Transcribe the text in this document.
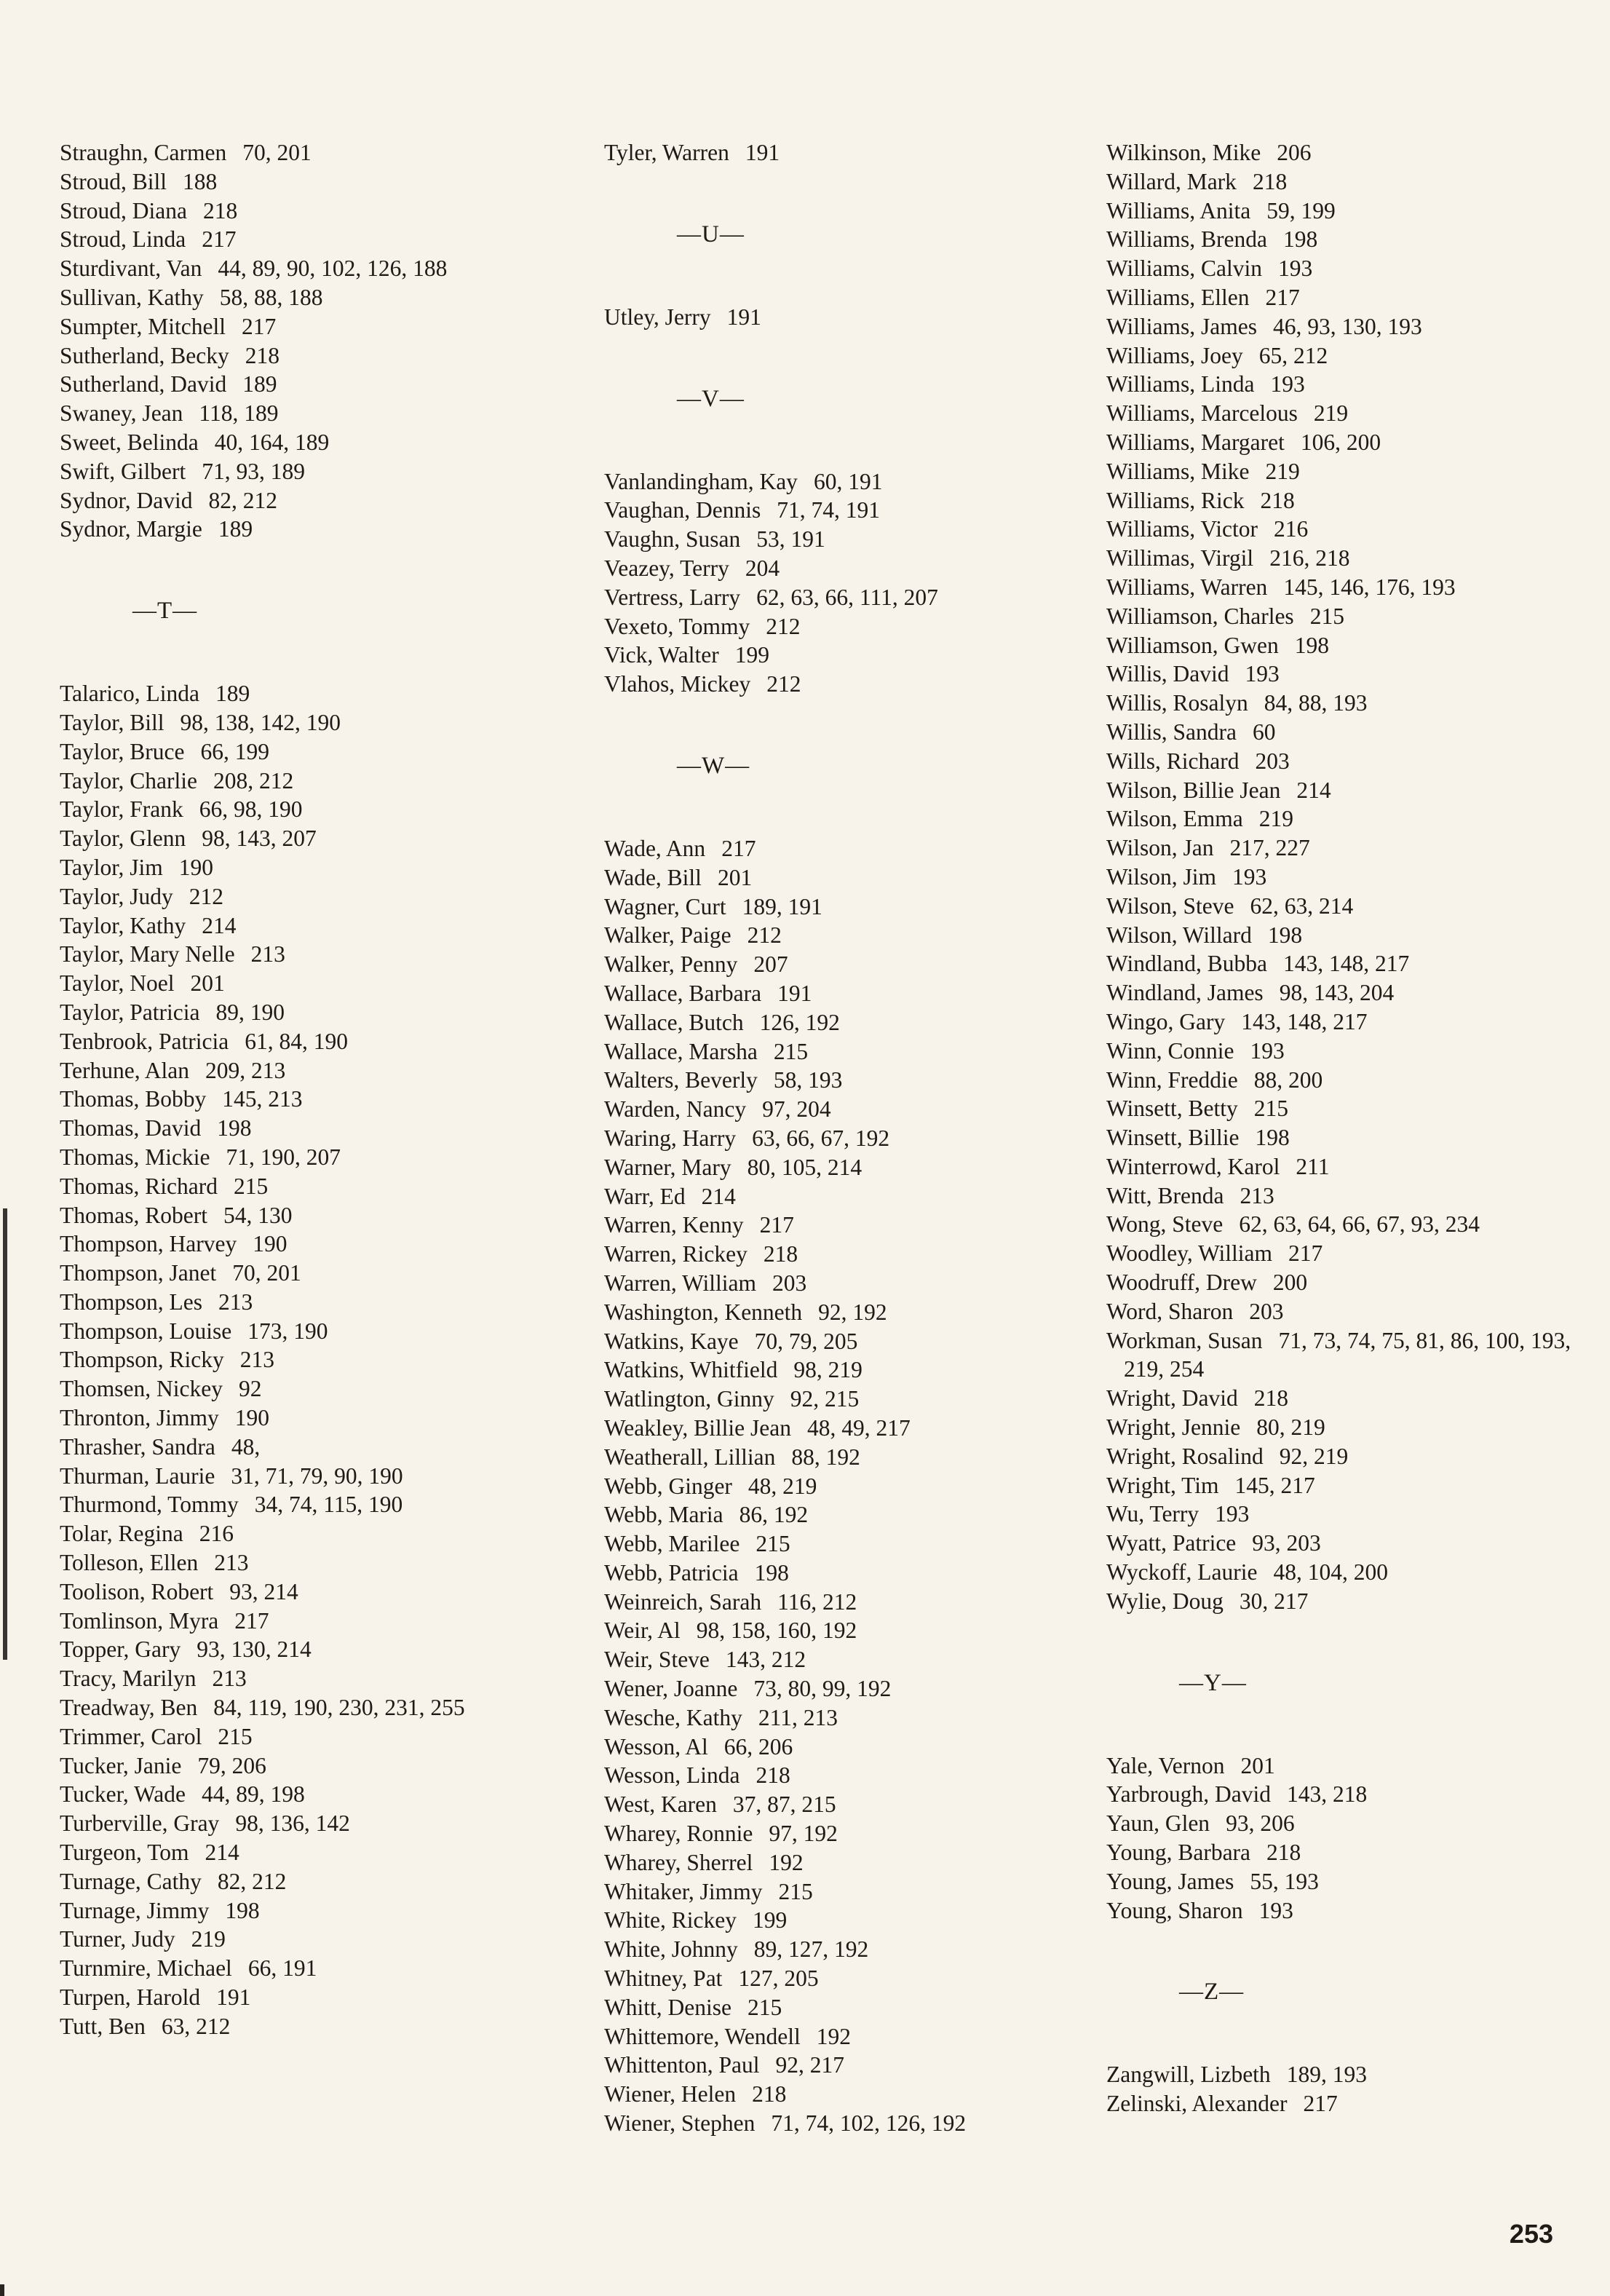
Straughn, Carmen 70, 201

Stroud, Bill 188

Stroud, Diana 218

Stroud, Linda 217

Sturdivant, Van 44, 89, 90, 102, 126, 188

Sullivan, Kathy 58, 88, 188

Sumpter, Mitchell 217

Sutherland, Becky 218

Sutherland, David 189

Swaney, Jean 118, 189

Sweet, Belinda 40, 164, 189

Swift, Gilbert 71, 93, 189

Sydnor, David 82, 212

Sydnor, Margie 189

—T—

Talarico, Linda 189

Taylor, Bill 98, 138, 142, 190

Taylor, Bruce 66, 199

Taylor, Charlie 208, 212

Taylor, Frank 66, 98, 190

Taylor, Glenn 98, 143, 207

Taylor, Jim 190

Taylor, Judy 212

Taylor, Kathy 214

Taylor, Mary Nelle 213

Taylor, Noel 201

Taylor, Patricia 89, 190

Tenbrook, Patricia 61, 84, 190

Terhune, Alan 209, 213

Thomas, Bobby 145, 213

Thomas, David 198

Thomas, Mickie 71, 190, 207

Thomas, Richard 215

Thomas, Robert 54, 130

Thompson, Harvey 190

Thompson, Janet 70, 201

Thompson, Les 213

Thompson, Louise 173, 190

Thompson, Ricky 213

Thomsen, Nickey 92

Thronton, Jimmy 190

Thrasher, Sandra 48,

Thurman, Laurie 31, 71, 79, 90, 190

Thurmond, Tommy 34, 74, 115, 190

Tolar, Regina 216

Tolleson, Ellen 213

Toolison, Robert 93, 214

Tomlinson, Myra 217

Topper, Gary 93, 130, 214

Tracy, Marilyn 213

Treadway, Ben 84, 119, 190, 230, 231, 255

Trimmer, Carol 215

Tucker, Janie 79, 206

Tucker, Wade 44, 89, 198

Turberville, Gray 98, 136, 142

Turgeon, Tom 214

Turnage, Cathy 82, 212

Turnage, Jimmy 198

Turner, Judy 219

Turnmire, Michael 66, 191

Turpen, Harold 191

Tutt, Ben 63, 212

Tyler, Warren 191

—U—

Utley, Jerry 191

—V—

Vanlandingham, Kay 60, 191

Vaughan, Dennis 71, 74, 191

Vaughn, Susan 53, 191

Veazey, Terry 204

Vertress, Larry 62, 63, 66, 111, 207

Vexeto, Tommy 212

Vick, Walter 199

Vlahos, Mickey 212

—W—

Wade, Ann 217

Wade, Bill 201

Wagner, Curt 189, 191

Walker, Paige 212

Walker, Penny 207

Wallace, Barbara 191

Wallace, Butch 126, 192

Wallace, Marsha 215

Walters, Beverly 58, 193

Warden, Nancy 97, 204

Waring, Harry 63, 66, 67, 192

Warner, Mary 80, 105, 214

Warr, Ed 214

Warren, Kenny 217

Warren, Rickey 218

Warren, William 203

Washington, Kenneth 92, 192

Watkins, Kaye 70, 79, 205

Watkins, Whitfield 98, 219

Watlington, Ginny 92, 215

Weakley, Billie Jean 48, 49, 217

Weatherall, Lillian 88, 192

Webb, Ginger 48, 219

Webb, Maria 86, 192

Webb, Marilee 215

Webb, Patricia 198

Weinreich, Sarah 116, 212

Weir, Al 98, 158, 160, 192

Weir, Steve 143, 212

Wener, Joanne 73, 80, 99, 192

Wesche, Kathy 211, 213

Wesson, Al 66, 206

Wesson, Linda 218

West, Karen 37, 87, 215

Wharey, Ronnie 97, 192

Wharey, Sherrel 192

Whitaker, Jimmy 215

White, Rickey 199

White, Johnny 89, 127, 192

Whitney, Pat 127, 205

Whitt, Denise 215

Whittemore, Wendell 192

Whittenton, Paul 92, 217

Wiener, Helen 218

Wiener, Stephen 71, 74, 102, 126, 192

Wilkinson, Mike 206

Willard, Mark 218

Williams, Anita 59, 199

Williams, Brenda 198

Williams, Calvin 193

Williams, Ellen 217

Williams, James 46, 93, 130, 193

Williams, Joey 65, 212

Williams, Linda 193

Williams, Marcelous 219

Williams, Margaret 106, 200

Williams, Mike 219

Williams, Rick 218

Williams, Victor 216

Willimas, Virgil 216, 218

Williams, Warren 145, 146, 176, 193

Williamson, Charles 215

Williamson, Gwen 198

Willis, David 193

Willis, Rosalyn 84, 88, 193

Willis, Sandra 60

Wills, Richard 203

Wilson, Billie Jean 214

Wilson, Emma 219

Wilson, Jan 217, 227

Wilson, Jim 193

Wilson, Steve 62, 63, 214

Wilson, Willard 198

Windland, Bubba 143, 148, 217

Windland, James 98, 143, 204

Wingo, Gary 143, 148, 217

Winn, Connie 193

Winn, Freddie 88, 200

Winsett, Betty 215

Winsett, Billie 198

Winterrowd, Karol 211

Witt, Brenda 213

Wong, Steve 62, 63, 64, 66, 67, 93, 234

Woodley, William 217

Woodruff, Drew 200

Word, Sharon 203

Workman, Susan 71, 73, 74, 75, 81, 86, 100, 193, 219, 254

Wright, David 218

Wright, Jennie 80, 219

Wright, Rosalind 92, 219

Wright, Tim 145, 217

Wu, Terry 193

Wyatt, Patrice 93, 203

Wyckoff, Laurie 48, 104, 200

Wylie, Doug 30, 217

—Y—

Yale, Vernon 201

Yarbrough, David 143, 218

Yaun, Glen 93, 206

Young, Barbara 218

Young, James 55, 193

Young, Sharon 193

—Z—

Zangwill, Lizbeth 189, 193

Zelinski, Alexander 217

253
